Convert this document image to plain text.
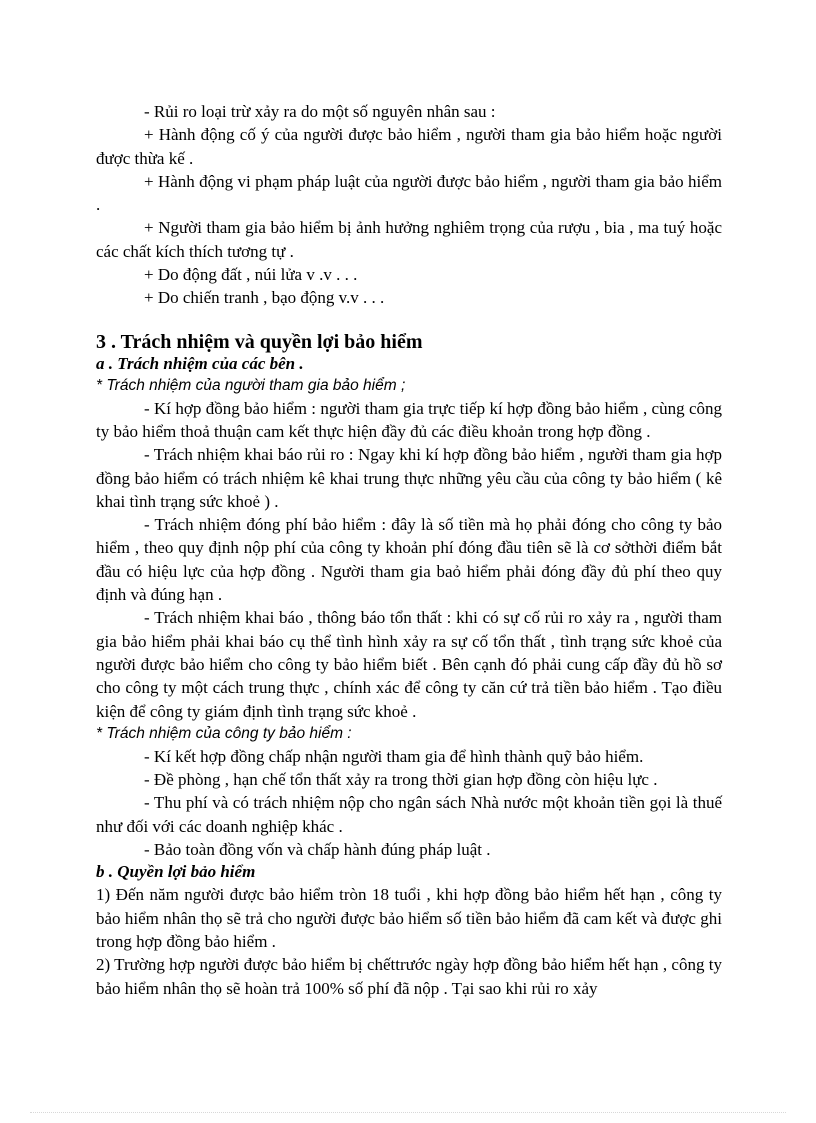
- Rủi ro loại trừ xảy ra do một số nguyên nhân sau :

+ Hành động cố ý của người được bảo hiểm , người tham gia bảo hiểm hoặc người được thừa kế .

+ Hành động vi phạm pháp luật của người được bảo hiểm , người tham gia bảo hiểm .

+ Người tham gia bảo hiểm bị ảnh hưởng nghiêm trọng của rượu , bia , ma tuý hoặc các chất kích thích tương tự .

+ Do động đất , núi lửa v .v . . .

+ Do chiến tranh , bạo động v.v . . .

3 . Trách nhiệm và quyền lợi bảo hiểm

a . Trách nhiệm của các bên .

* Trách nhiệm của người tham gia bảo hiểm ;

- Kí hợp đồng bảo hiểm : người tham gia trực tiếp kí hợp đồng bảo hiểm , cùng công ty bảo hiểm thoả thuận cam kết thực hiện đầy đủ các điều khoản trong hợp đồng .

- Trách nhiệm khai báo rủi ro : Ngay khi kí hợp đồng bảo hiểm , người tham gia hợp đồng bảo hiểm có trách nhiệm kê khai trung thực những yêu cầu của công ty bảo hiểm ( kê khai tình trạng sức khoẻ ) .

- Trách nhiệm đóng phí bảo hiểm : đây là số tiền mà họ phải đóng cho công ty bảo hiểm , theo quy định nộp phí của công ty khoản phí đóng đầu tiên sẽ là cơ sởthời điểm bắt đầu có hiệu lực của hợp đồng . Người tham gia baỏ hiểm phải đóng đầy đủ phí theo quy định và đúng hạn .

- Trách nhiệm khai báo , thông báo tổn thất : khi có sự cố rủi ro xảy ra , người tham gia bảo hiểm phải khai báo cụ thể tình hình xảy ra sự cố tổn thất , tình trạng sức khoẻ của người được bảo hiểm cho công ty bảo hiểm biết . Bên cạnh đó phải cung cấp đầy đủ hồ sơ cho công ty một cách trung thực , chính xác để công ty căn cứ trả tiền bảo hiểm . Tạo điều kiện để công ty giám định tình trạng sức khoẻ .

* Trách nhiệm của công ty bảo hiểm :

- Kí kết hợp đồng chấp nhận người tham gia để hình thành quỹ bảo hiểm.

- Đề phòng , hạn chế tổn thất xảy ra trong thời gian hợp đồng còn hiệu lực .

- Thu phí và có trách nhiệm nộp cho ngân sách Nhà nước một khoản tiền gọi là thuế như đối với các doanh nghiệp khác .

- Bảo toàn đồng vốn và chấp hành đúng pháp luật .

b . Quyền lợi bảo hiểm

1) Đến năm người được bảo hiểm tròn 18 tuổi , khi hợp đồng bảo hiểm hết hạn , công ty bảo hiểm nhân thọ sẽ trả cho người được bảo hiểm số tiền bảo hiểm đã cam kết và được ghi trong hợp đồng bảo hiểm .

2) Trường hợp người được bảo hiểm bị chếttrước ngày hợp đồng bảo hiểm hết hạn , công ty bảo hiểm nhân thọ sẽ hoàn trả 100% số phí đã nộp . Tại sao khi rủi ro xảy
